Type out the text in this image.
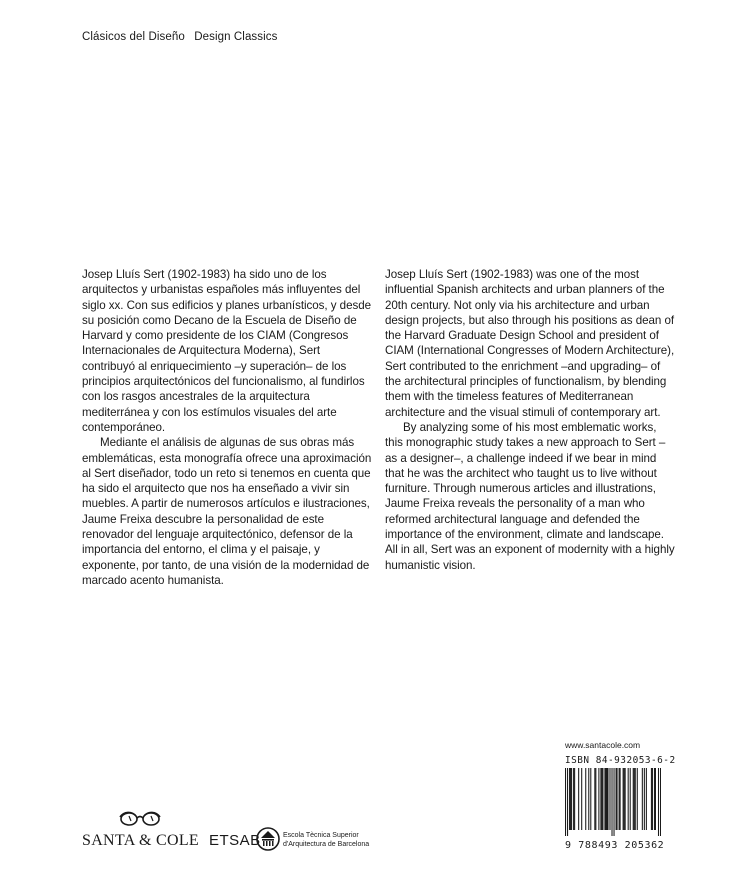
Clásicos del Diseño Design Classics

Josep Lluís Sert (1902-1983) ha sido uno de los arquitectos y urbanistas españoles más influyentes del siglo xx. Con sus edificios y planes urbanísticos, y desde su posición como Decano de la Escuela de Diseño de Harvard y como presidente de los CIAM (Congresos Internacionales de Arquitectura Moderna), Sert contribuyó al enriquecimiento –y superación– de los principios arquitectónicos del funcionalismo, al fundirlos con los rasgos ancestrales de la arquitectura mediterránea y con los estímulos visuales del arte contemporáneo.

Mediante el análisis de algunas de sus obras más emblemáticas, esta monografía ofrece una aproximación al Sert diseñador, todo un reto si tenemos en cuenta que ha sido el arquitecto que nos ha enseñado a vivir sin muebles. A partir de numerosos artículos e ilustraciones, Jaume Freixa descubre la personalidad de este renovador del lenguaje arquitectónico, defensor de la importancia del entorno, el clima y el paisaje, y exponente, por tanto, de una visión de la modernidad de marcado acento humanista.

Josep Lluís Sert (1902-1983) was one of the most influential Spanish architects and urban planners of the 20th century. Not only via his architecture and urban design projects, but also through his positions as dean of the Harvard Graduate Design School and president of CIAM (International Congresses of Modern Architecture), Sert contributed to the enrichment –and upgrading– of the architectural principles of functionalism, by blending them with the timeless features of Mediterranean architecture and the visual stimuli of contemporary art.

By analyzing some of his most emblematic works, this monographic study takes a new approach to Sert –as a designer–, a challenge indeed if we bear in mind that he was the architect who taught us to live without furniture. Through numerous articles and illustrations, Jaume Freixa reveals the personality of a man who reformed architectural language and defended the importance of the environment, climate and landscape. All in all, Sert was an exponent of modernity with a highly humanistic vision.

SANTA & COLE ETSAB	Escola Tècnica Superior
d'Arquitectura de Barcelona
www.santacole.com
ISBN 84-932053-6-2
9 788493 205362
